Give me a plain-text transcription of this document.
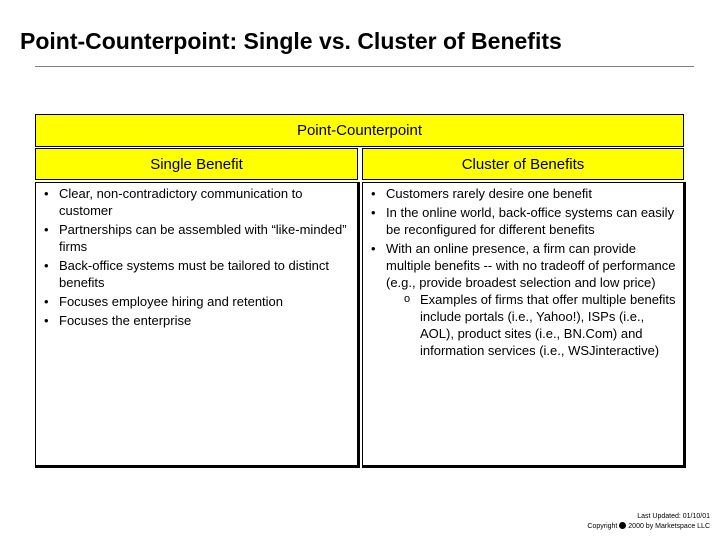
Point-Counterpoint: Single vs. Cluster of Benefits
Point-Counterpoint
Single Benefit	Cluster of Benefits
• Clear, non-contradictory communication to customer
• Partnerships can be assembled with “like-minded” firms
• Back-office systems must be tailored to distinct benefits
• Focuses employee hiring and retention
• Focuses the enterprise
• Customers rarely desire one benefit
• In the online world, back-office systems can easily be reconfigured for different benefits
• With an online presence, a firm can provide multiple benefits -- with no tradeoff of performance (e.g., provide broadest selection and low price)
o Examples of firms that offer multiple benefits include portals (i.e., Yahoo!), ISPs (i.e., AOL), product sites (i.e., BN.Com) and information services (i.e., WSJinteractive)
Last Updated: 01/10/01
Copyright 2000 by Marketspace LLC
